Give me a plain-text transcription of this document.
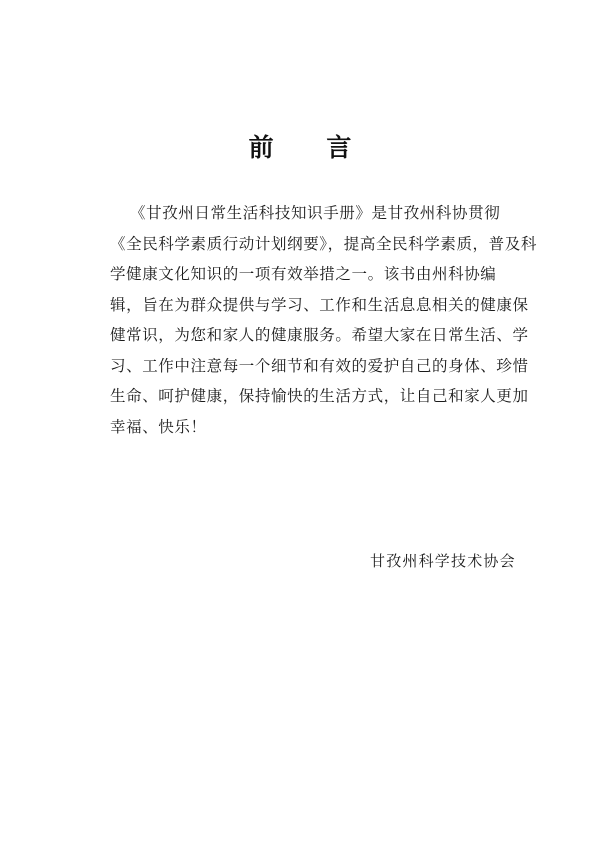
前 言
《甘孜州日常生活科技知识手册》是甘孜州科协贯彻
《全民科学素质行动计划纲要》，提高全民科学素质，普及科
学健康文化知识的一项有效举措之一。该书由州科协编
辑，旨在为群众提供与学习、工作和生活息息相关的健康保
健常识，为您和家人的健康服务。希望大家在日常生活、学
习、工作中注意每一个细节和有效的爱护自己的身体、珍惜
生命、呵护健康，保持愉快的生活方式，让自己和家人更加
幸福、快乐！
甘孜州科学技术协会
